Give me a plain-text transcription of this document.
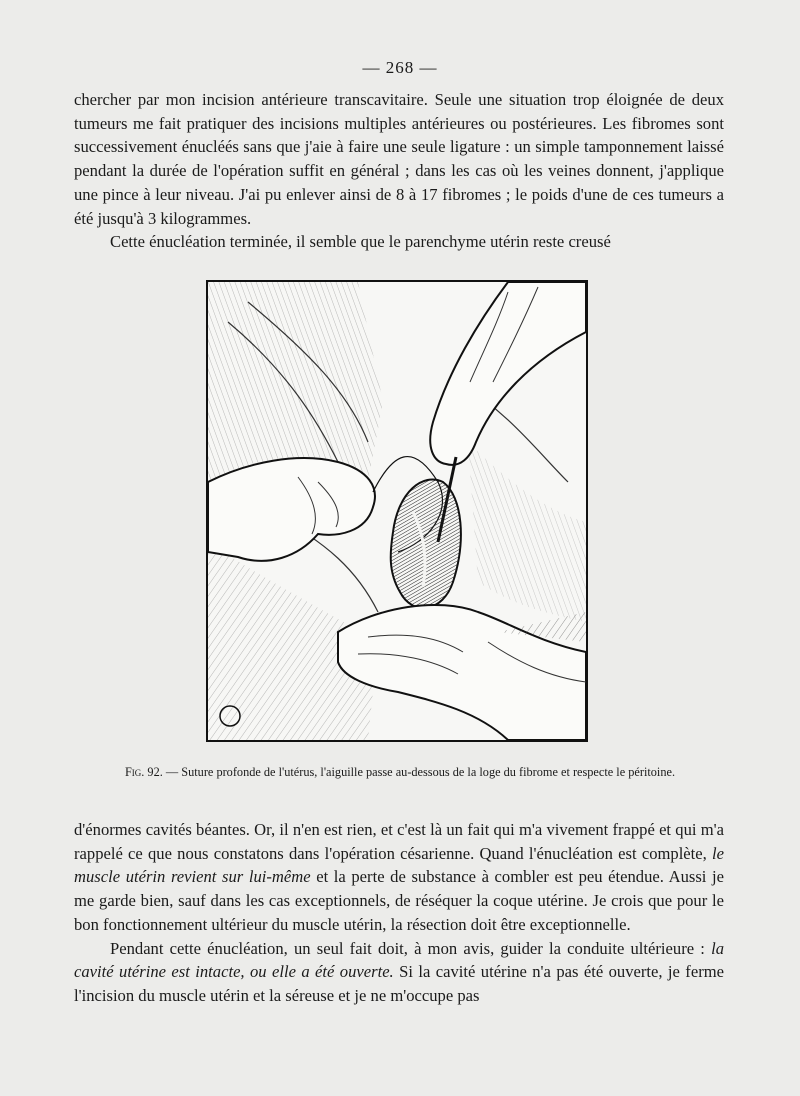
— 268 —

chercher par mon incision antérieure transcavitaire. Seule une situation trop éloignée de deux tumeurs me fait pratiquer des incisions multiples antérieures ou postérieures. Les fibromes sont successivement énucléés sans que j'aie à faire une seule ligature : un simple tamponnement laissé pendant la durée de l'opération suffit en général ; dans les cas où les veines donnent, j'applique une pince à leur niveau. J'ai pu enlever ainsi de 8 à 17 fibromes ; le poids d'une de ces tumeurs a été jusqu'à 3 kilogrammes.

Cette énucléation terminée, il semble que le parenchyme utérin reste creusé

Fig. 92. — Suture profonde de l'utérus, l'aiguille passe au-dessous de la loge du fibrome et respecte le péritoine.

d'énormes cavités béantes. Or, il n'en est rien, et c'est là un fait qui m'a vivement frappé et qui m'a rappelé ce que nous constatons dans l'opération césarienne. Quand l'énucléation est complète, le muscle utérin revient sur lui-même et la perte de substance à combler est peu étendue. Aussi je me garde bien, sauf dans les cas exceptionnels, de réséquer la coque utérine. Je crois que pour le bon fonctionnement ultérieur du muscle utérin, la résection doit être exceptionnelle.

Pendant cette énucléation, un seul fait doit, à mon avis, guider la conduite ultérieure : la cavité utérine est intacte, ou elle a été ouverte. Si la cavité utérine n'a pas été ouverte, je ferme l'incision du muscle utérin et la séreuse et je ne m'occupe pas
